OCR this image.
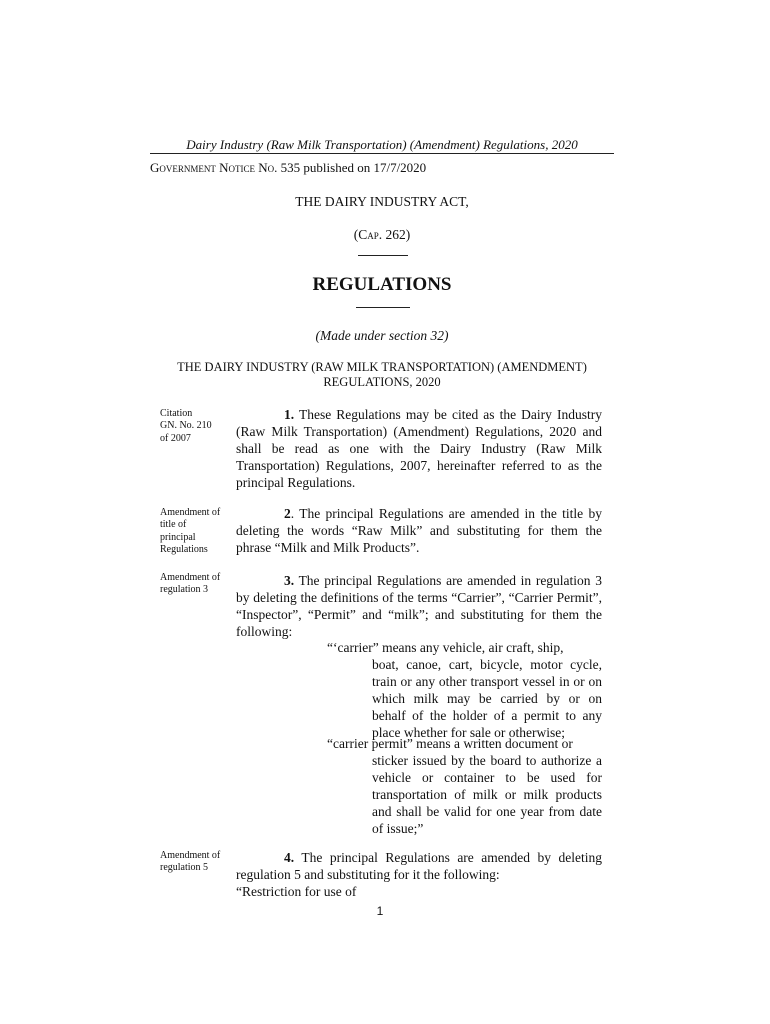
Dairy Industry (Raw Milk Transportation) (Amendment) Regulations, 2020
Government Notice No. 535 published on 17/7/2020
THE DAIRY INDUSTRY ACT,
(Cap. 262)
REGULATIONS
(Made under section 32)
THE DAIRY INDUSTRY (RAW MILK TRANSPORTATION) (AMENDMENT)
REGULATIONS, 2020
Citation
GN. No. 210
of 2007

1. These Regulations may be cited as the Dairy Industry (Raw Milk Transportation) (Amendment) Regulations, 2020 and shall be read as one with the Dairy Industry (Raw Milk Transportation) Regulations, 2007, hereinafter referred to as the principal Regulations.

Amendment of
title of
principal
Regulations

2. The principal Regulations are amended in the title by deleting the words “Raw Milk” and substituting for them the phrase “Milk and Milk Products”.

Amendment of
regulation 3

3. The principal Regulations are amended in regulation 3 by deleting the definitions of the terms “Carrier”, “Carrier Permit”, “Inspector”, “Permit” and “milk”; and substituting for them the following:

“‘carrier” means any vehicle, air craft, ship,
boat, canoe, cart, bicycle, motor cycle, train or any other transport vessel in or on which milk may be carried by or on behalf of the holder of a permit to any place whether for sale or otherwise;
“carrier permit” means a written document or
sticker issued by the board to authorize a vehicle or container to be used for transportation of milk or milk products and shall be valid for one year from date of issue;”
Amendment of
regulation 5

4. The principal Regulations are amended by deleting regulation 5 and substituting for it the following:

“Restriction for use of
1
